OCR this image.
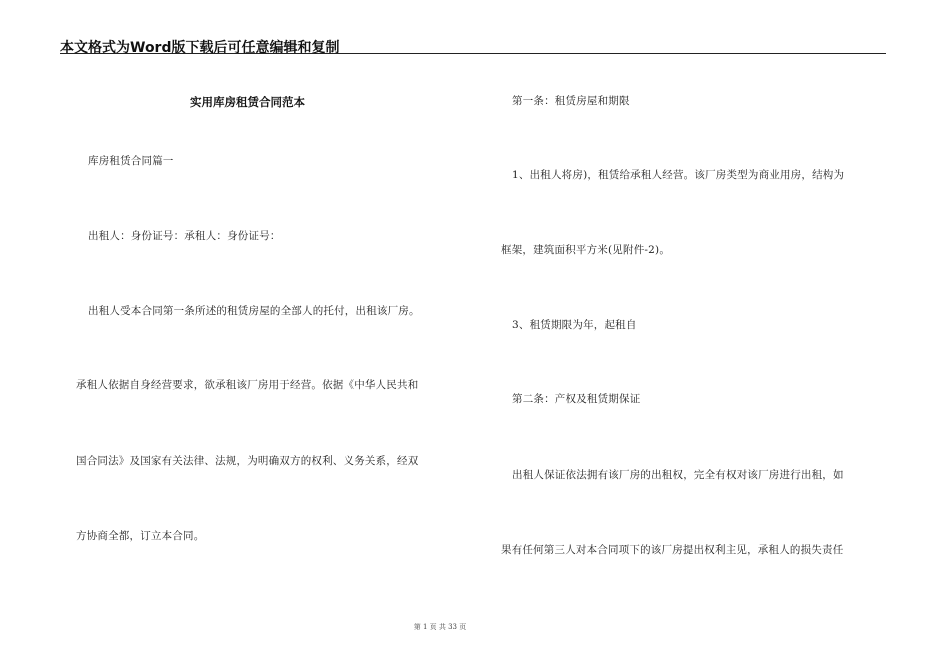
本文格式为Word版下载后可任意编辑和复制
实用库房租赁合同范本
库房租赁合同篇一
出租人：身份证号：承租人：身份证号：
出租人受本合同第一条所述的租赁房屋的全部人的托付，出租该厂房。
承租人依据自身经营要求，欲承租该厂房用于经营。依据《中华人民共和
国合同法》及国家有关法律、法规，为明确双方的权利、义务关系，经双
方协商全都，订立本合同。
第一条：租赁房屋和期限
1、出租人将房)，租赁给承租人经营。该厂房类型为商业用房，结构为
框架，建筑面积平方米(见附件-2)。
3、租赁期限为年，起租自
第二条：产权及租赁期保证
出租人保证依法拥有该厂房的出租权，完全有权对该厂房进行出租，如
果有任何第三人对本合同项下的该厂房提出权利主见，承租人的损失责任
第 1 页 共 33 页
